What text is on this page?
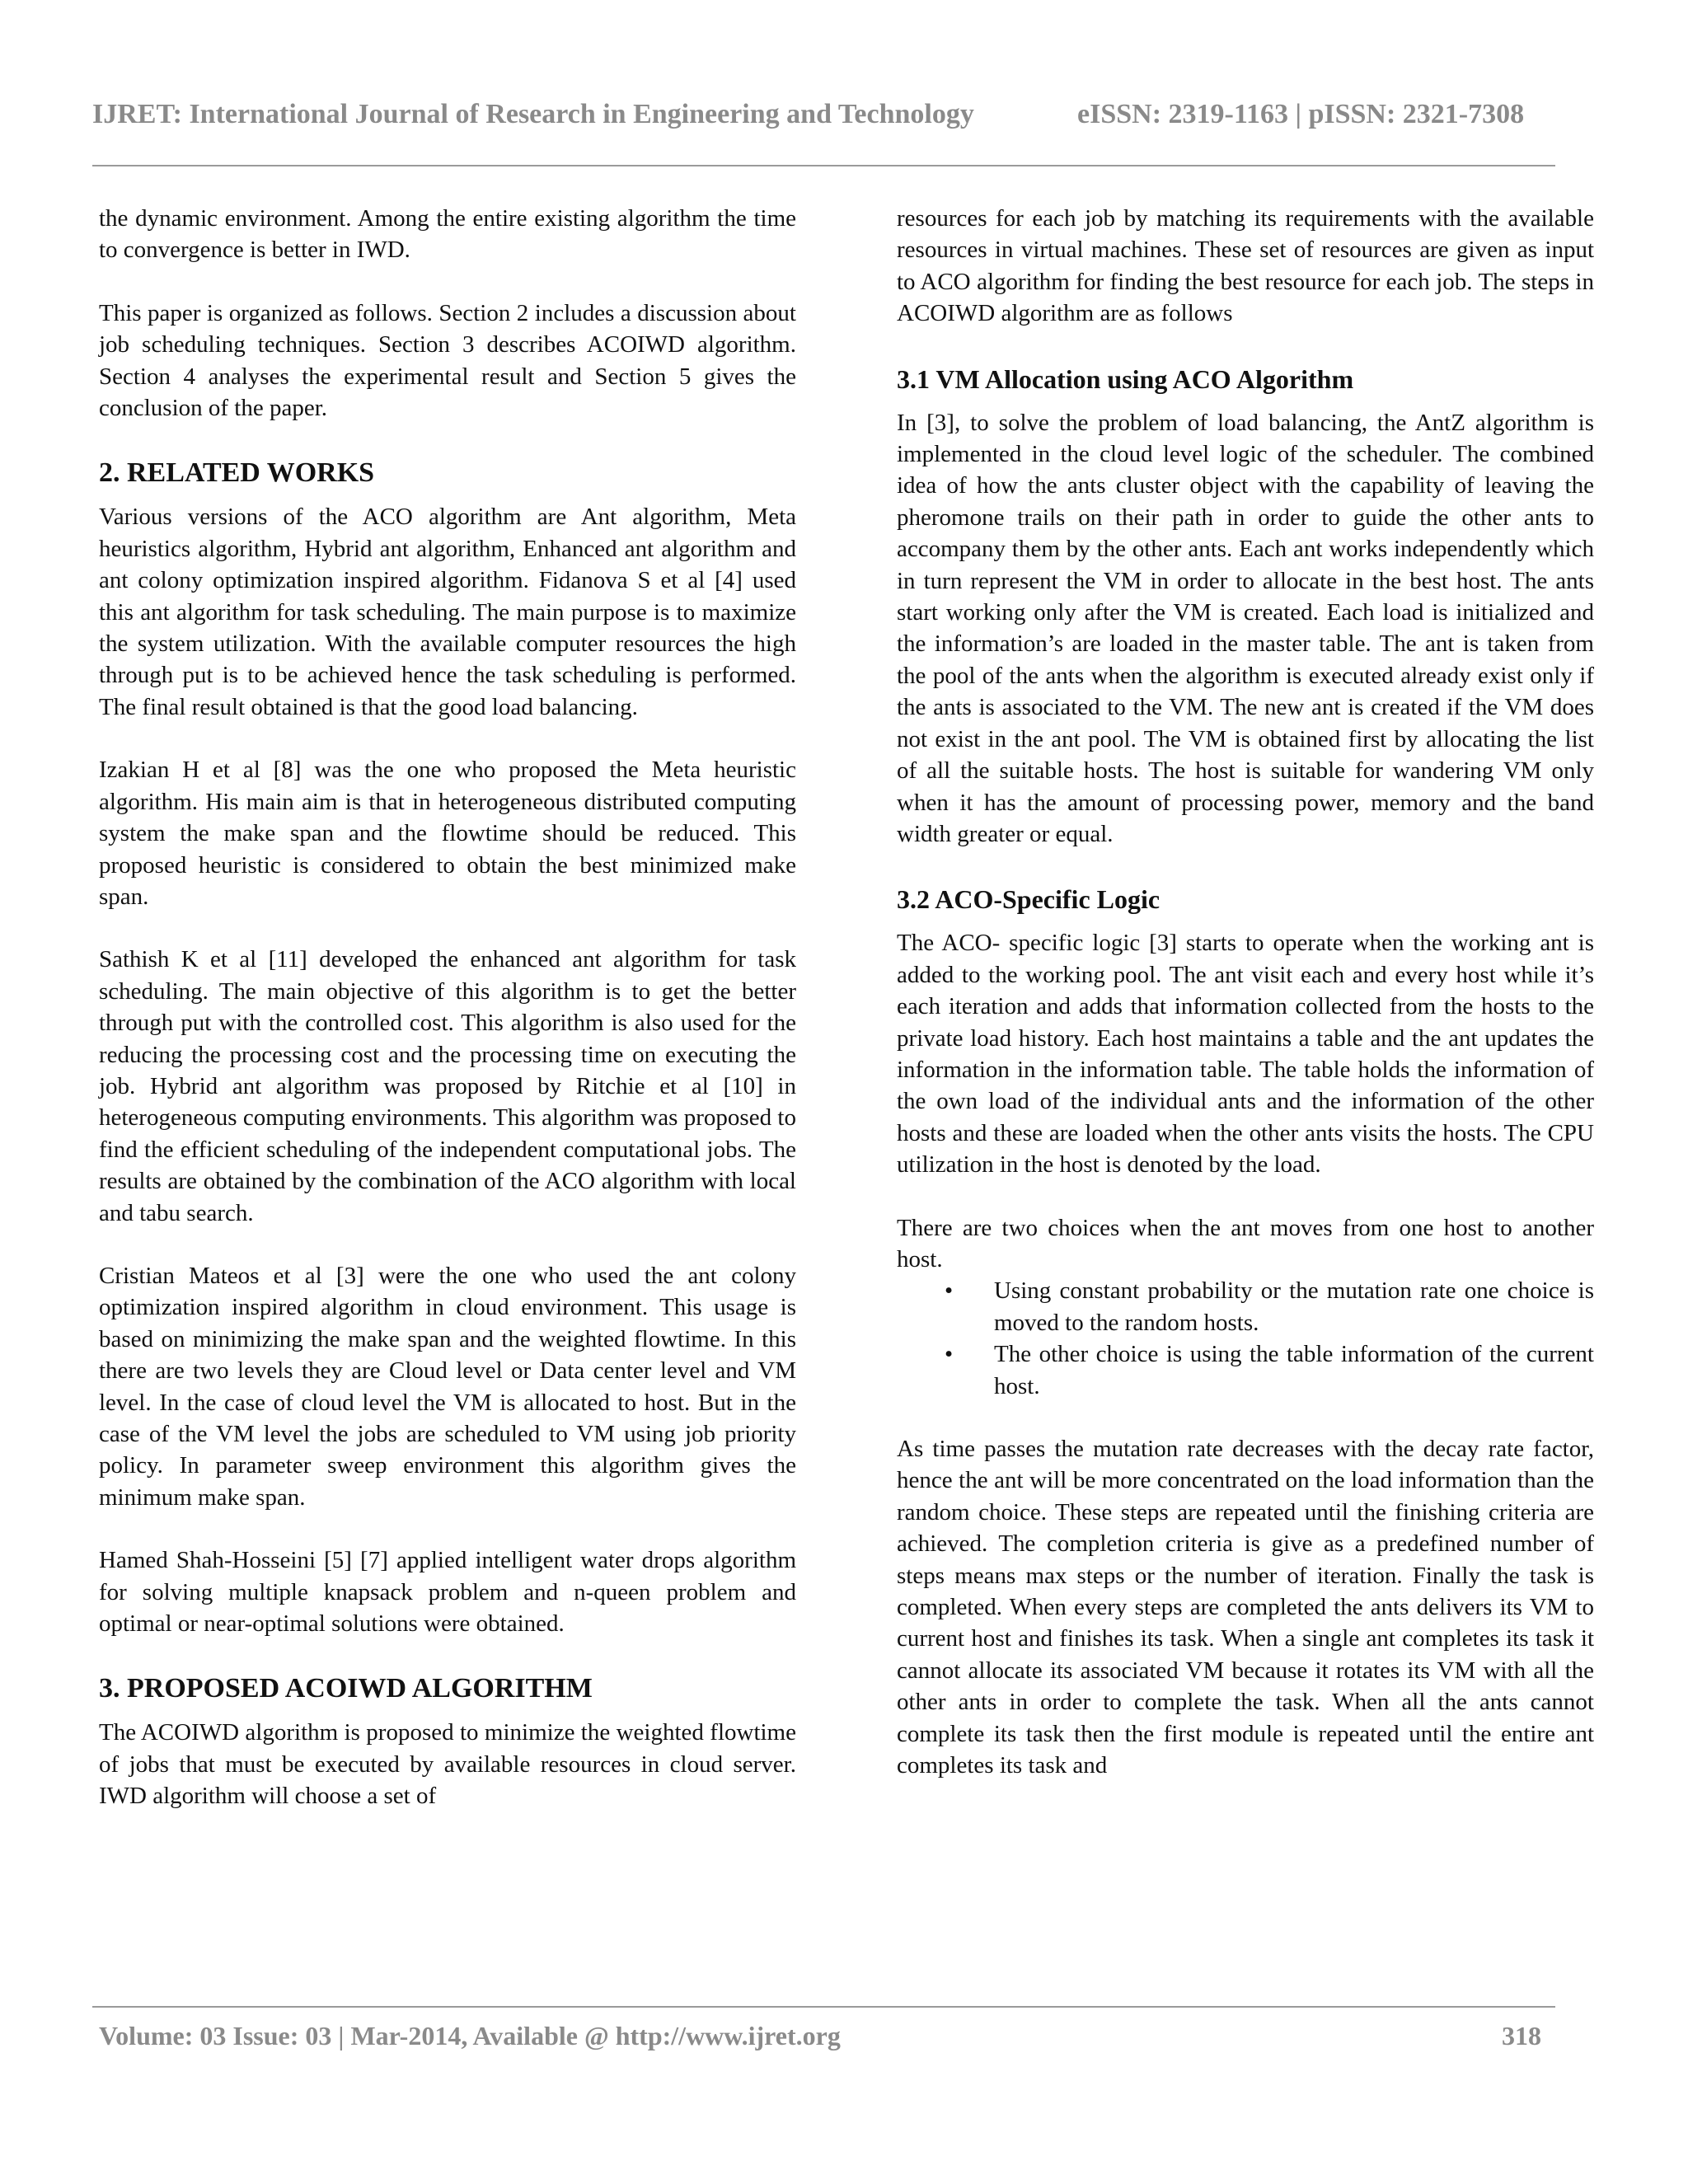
IJRET: International Journal of Research in Engineering and Technology	eISSN: 2319-1163 | pISSN: 2321-7308

the dynamic environment. Among the entire existing algorithm the time to convergence is better in IWD.

This paper is organized as follows. Section 2 includes a discussion about job scheduling techniques. Section 3 describes ACOIWD algorithm. Section 4 analyses the experimental result and Section 5 gives the conclusion of the paper.

2. RELATED WORKS

Various versions of the ACO algorithm are Ant algorithm, Meta heuristics algorithm, Hybrid ant algorithm, Enhanced ant algorithm and ant colony optimization inspired algorithm. Fidanova S et al [4] used this ant algorithm for task scheduling. The main purpose is to maximize the system utilization. With the available computer resources the high through put is to be achieved hence the task scheduling is performed. The final result obtained is that the good load balancing.

Izakian H et al [8] was the one who proposed the Meta heuristic algorithm. His main aim is that in heterogeneous distributed computing system the make span and the flowtime should be reduced. This proposed heuristic is considered to obtain the best minimized make span.

Sathish K et al [11] developed the enhanced ant algorithm for task scheduling. The main objective of this algorithm is to get the better through put with the controlled cost. This algorithm is also used for the reducing the processing cost and the processing time on executing the job. Hybrid ant algorithm was proposed by Ritchie et al [10] in heterogeneous computing environments. This algorithm was proposed to find the efficient scheduling of the independent computational jobs. The results are obtained by the combination of the ACO algorithm with local and tabu search.

Cristian Mateos et al [3] were the one who used the ant colony optimization inspired algorithm in cloud environment. This usage is based on minimizing the make span and the weighted flowtime. In this there are two levels they are Cloud level or Data center level and VM level. In the case of cloud level the VM is allocated to host. But in the case of the VM level the jobs are scheduled to VM using job priority policy. In parameter sweep environment this algorithm gives the minimum make span.

Hamed Shah-Hosseini [5] [7] applied intelligent water drops algorithm for solving multiple knapsack problem and n-queen problem and optimal or near-optimal solutions were obtained.

3. PROPOSED ACOIWD ALGORITHM

The ACOIWD algorithm is proposed to minimize the weighted flowtime of jobs that must be executed by available resources in cloud server. IWD algorithm will choose a set of

resources for each job by matching its requirements with the available resources in virtual machines. These set of resources are given as input to ACO algorithm for finding the best resource for each job. The steps in ACOIWD algorithm are as follows

3.1 VM Allocation using ACO Algorithm

In [3], to solve the problem of load balancing, the AntZ algorithm is implemented in the cloud level logic of the scheduler. The combined idea of how the ants cluster object with the capability of leaving the pheromone trails on their path in order to guide the other ants to accompany them by the other ants. Each ant works independently which in turn represent the VM in order to allocate in the best host. The ants start working only after the VM is created. Each load is initialized and the information’s are loaded in the master table. The ant is taken from the pool of the ants when the algorithm is executed already exist only if the ants is associated to the VM. The new ant is created if the VM does not exist in the ant pool. The VM is obtained first by allocating the list of all the suitable hosts. The host is suitable for wandering VM only when it has the amount of processing power, memory and the band width greater or equal.

3.2 ACO-Specific Logic

The ACO- specific logic [3] starts to operate when the working ant is added to the working pool. The ant visit each and every host while it’s each iteration and adds that information collected from the hosts to the private load history. Each host maintains a table and the ant updates the information in the information table. The table holds the information of the own load of the individual ants and the information of the other hosts and these are loaded when the other ants visits the hosts. The CPU utilization in the host is denoted by the load.

There are two choices when the ant moves from one host to another host.

• Using constant probability or the mutation rate one choice is moved to the random hosts.
• The other choice is using the table information of the current host.

As time passes the mutation rate decreases with the decay rate factor, hence the ant will be more concentrated on the load information than the random choice. These steps are repeated until the finishing criteria are achieved. The completion criteria is give as a predefined number of steps means max steps or the number of iteration. Finally the task is completed. When every steps are completed the ants delivers its VM to current host and finishes its task. When a single ant completes its task it cannot allocate its associated VM because it rotates its VM with all the other ants in order to complete the task. When all the ants cannot complete its task then the first module is repeated until the entire ant completes its task and

Volume: 03 Issue: 03 | Mar-2014, Available @ http://www.ijret.org	318
